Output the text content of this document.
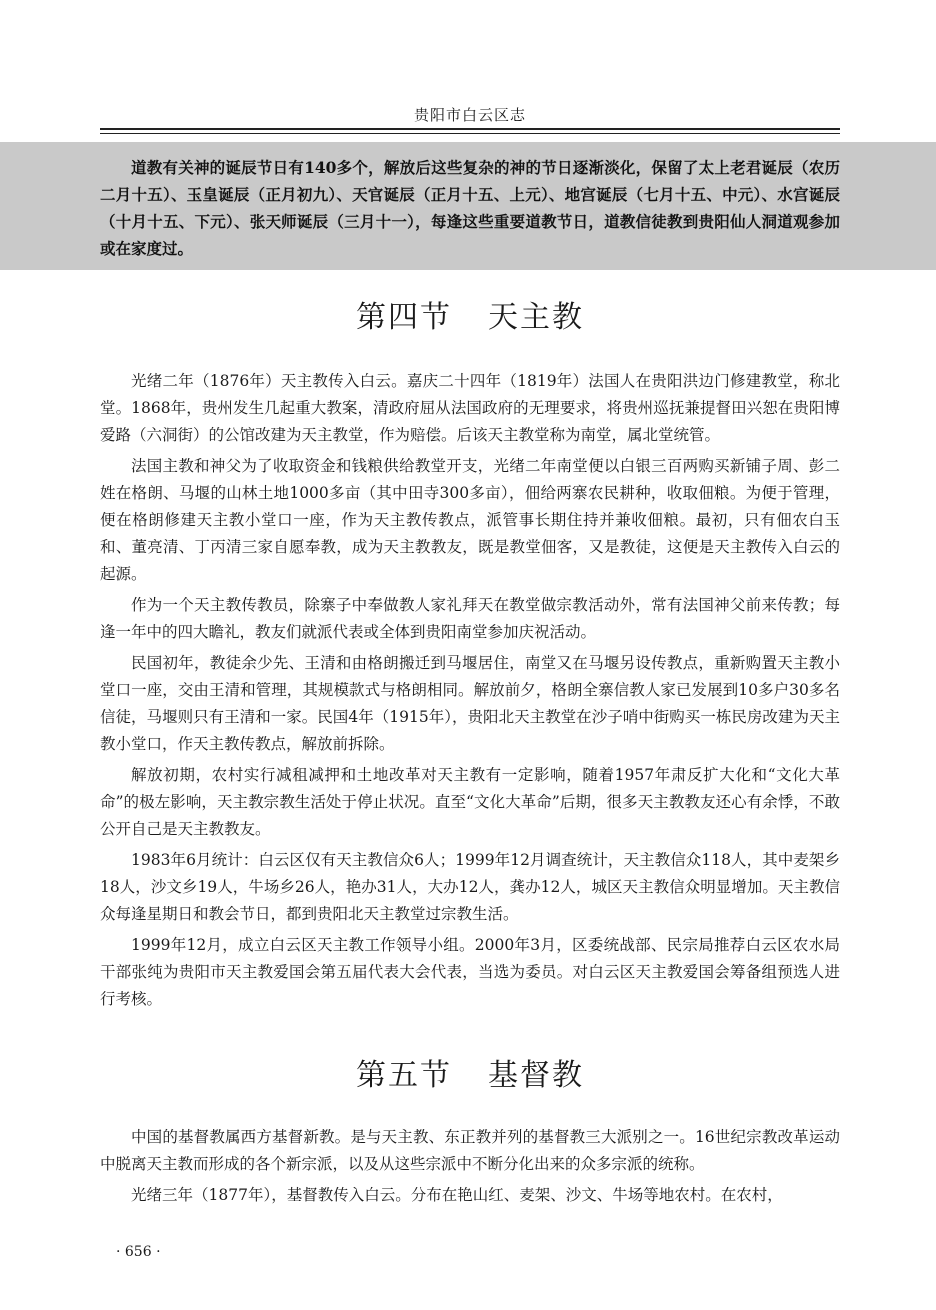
贵阳市白云区志

道教有关神的诞辰节日有140多个，解放后这些复杂的神的节日逐渐淡化，保留了太上老君诞辰（农历二月十五）、玉皇诞辰（正月初九）、天官诞辰（正月十五、上元）、地宫诞辰（七月十五、中元）、水宫诞辰（十月十五、下元）、张天师诞辰（三月十一），每逢这些重要道教节日，道教信徒教到贵阳仙人洞道观参加或在家度过。

第四节 天主教

光绪二年（1876年）天主教传入白云。嘉庆二十四年（1819年）法国人在贵阳洪边门修建教堂，称北堂。1868年，贵州发生几起重大教案，清政府屈从法国政府的无理要求，将贵州巡抚兼提督田兴恕在贵阳博爱路（六洞街）的公馆改建为天主教堂，作为赔偿。后该天主教堂称为南堂，属北堂统管。

法国主教和神父为了收取资金和钱粮供给教堂开支，光绪二年南堂便以白银三百两购买新铺子周、彭二姓在格朗、马堰的山林土地1000多亩（其中田寺300多亩），佃给两寨农民耕种，收取佃粮。为便于管理，便在格朗修建天主教小堂口一座，作为天主教传教点，派管事长期住持并兼收佃粮。最初，只有佃农白玉和、董亮清、丁丙清三家自愿奉教，成为天主教教友，既是教堂佃客，又是教徒，这便是天主教传入白云的起源。

作为一个天主教传教员，除寨子中奉做教人家礼拜天在教堂做宗教活动外，常有法国神父前来传教；每逢一年中的四大瞻礼，教友们就派代表或全体到贵阳南堂参加庆祝活动。

民国初年，教徒余少先、王清和由格朗搬迁到马堰居住，南堂又在马堰另设传教点，重新购置天主教小堂口一座，交由王清和管理，其规模款式与格朗相同。解放前夕，格朗全寨信教人家已发展到10多户30多名信徒，马堰则只有王清和一家。民国4年（1915年），贵阳北天主教堂在沙子哨中街购买一栋民房改建为天主教小堂口，作天主教传教点，解放前拆除。

解放初期，农村实行减租减押和土地改革对天主教有一定影响，随着1957年肃反扩大化和“文化大革命”的极左影响，天主教宗教生活处于停止状况。直至“文化大革命”后期，很多天主教教友还心有余悸，不敢公开自己是天主教教友。

1983年6月统计：白云区仅有天主教信众6人；1999年12月调查统计，天主教信众118人，其中麦架乡18人，沙文乡19人，牛场乡26人，艳办31人，大办12人，龚办12人，城区天主教信众明显增加。天主教信众每逢星期日和教会节日，都到贵阳北天主教堂过宗教生活。

1999年12月，成立白云区天主教工作领导小组。2000年3月，区委统战部、民宗局推荐白云区农水局干部张纯为贵阳市天主教爱国会第五届代表大会代表，当选为委员。对白云区天主教爱国会筹备组预选人进行考核。

第五节 基督教

中国的基督教属西方基督新教。是与天主教、东正教并列的基督教三大派别之一。16世纪宗教改革运动中脱离天主教而形成的各个新宗派，以及从这些宗派中不断分化出来的众多宗派的统称。

光绪三年（1877年），基督教传入白云。分布在艳山红、麦架、沙文、牛场等地农村。在农村，

· 656 ·
